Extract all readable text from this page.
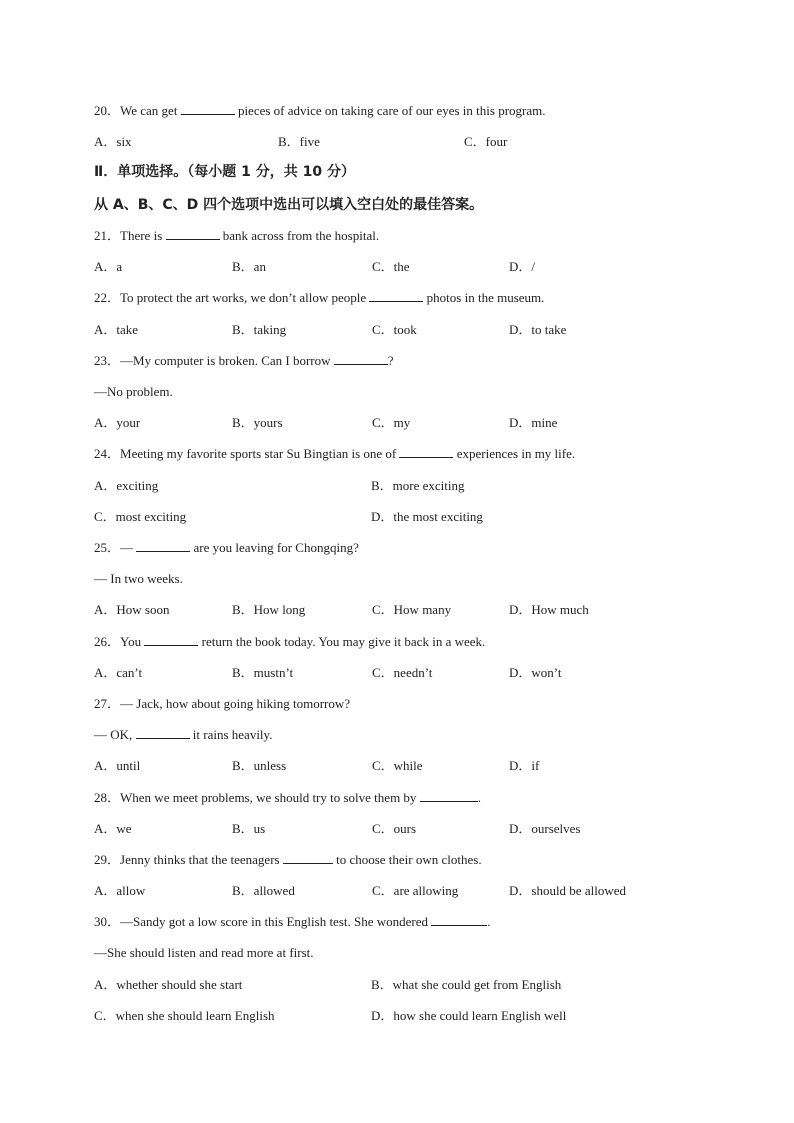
20．We can get	pieces of advice on taking care of our eyes in this program.
A．six	B．five	C．four
Ⅱ．单项选择。（每小题 1 分，共 10 分）
从 A、B、C、D 四个选项中选出可以填入空白处的最佳答案。
21．There is	bank across from the hospital.
A．a	B．an	C．the	D．/
22．To protect the art works, we don’t allow people	photos in the museum.
A．take	B．taking	C．took	D．to take
23．—My computer is broken. Can I borrow	?
—No problem.
A．your	B．yours	C．my	D．mine
24．Meeting my favorite sports star Su Bingtian is one of	experiences in my life.
A．exciting	B．more exciting
C．most exciting	D．the most exciting
25．—	are you leaving for Chongqing?
— In two weeks.
A．How soon	B．How long	C．How many	D．How much
26．You	return the book today. You may give it back in a week.
A．can’t	B．mustn’t	C．needn’t	D．won’t
27．— Jack, how about going hiking tomorrow?
— OK,	it rains heavily.
A．until	B．unless	C．while	D．if
28．When we meet problems, we should try to solve them by	.
A．we	B．us	C．ours	D．ourselves
29．Jenny thinks that the teenagers	to choose their own clothes.
A．allow	B．allowed	C．are allowing	D．should be allowed
30．—Sandy got a low score in this English test. She wondered	.
—She should listen and read more at first.
A．whether should she start	B．what she could get from English
C．when she should learn English	D．how she could learn English well
